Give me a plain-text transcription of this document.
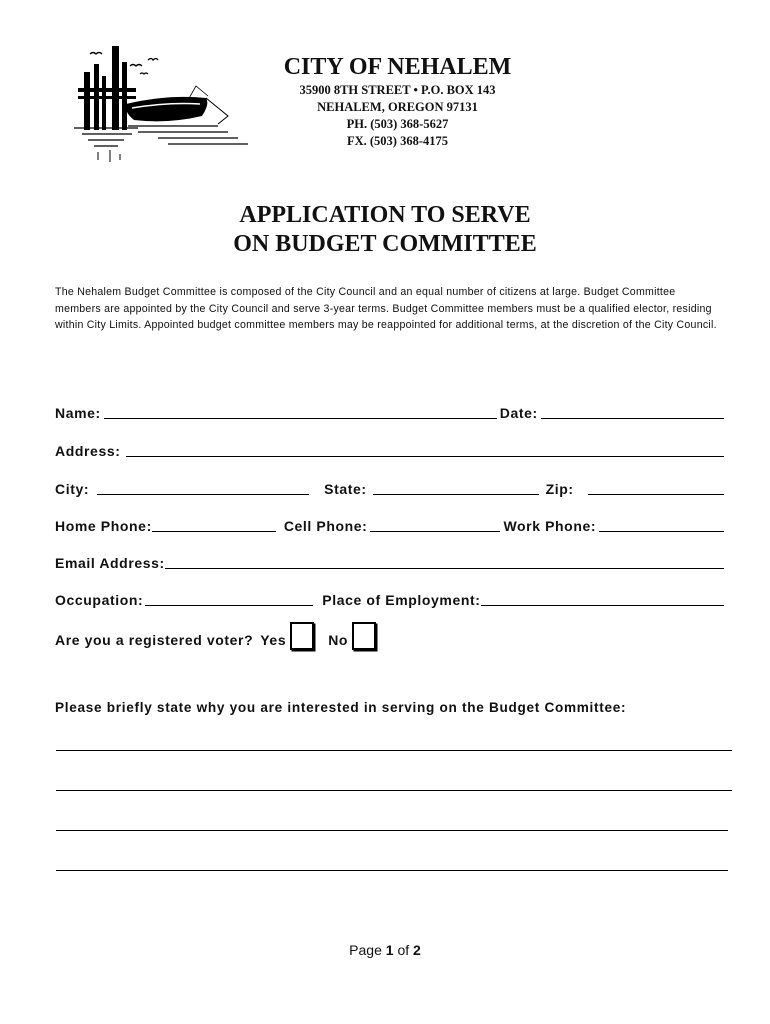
CITY OF NEHALEM
35900 8TH STREET • P.O. BOX 143
NEHALEM, OREGON 97131
PH. (503) 368-5627
FX. (503) 368-4175
APPLICATION TO SERVE
ON BUDGET COMMITTEE
The Nehalem Budget Committee is composed of the City Council and an equal number of citizens at large. Budget Committee members are appointed by the City Council and serve 3-year terms. Budget Committee members must be a qualified elector, residing within City Limits. Appointed budget committee members may be reappointed for additional terms, at the discretion of the City Council.
Name:	Date:
Address:
City:	State:	Zip:
Home Phone:	Cell Phone:	Work Phone:
Email Address:
Occupation:	Place of Employment:
Are you a registered voter? Yes	No
Please briefly state why you are interested in serving on the Budget Committee:
Page 1 of 2
